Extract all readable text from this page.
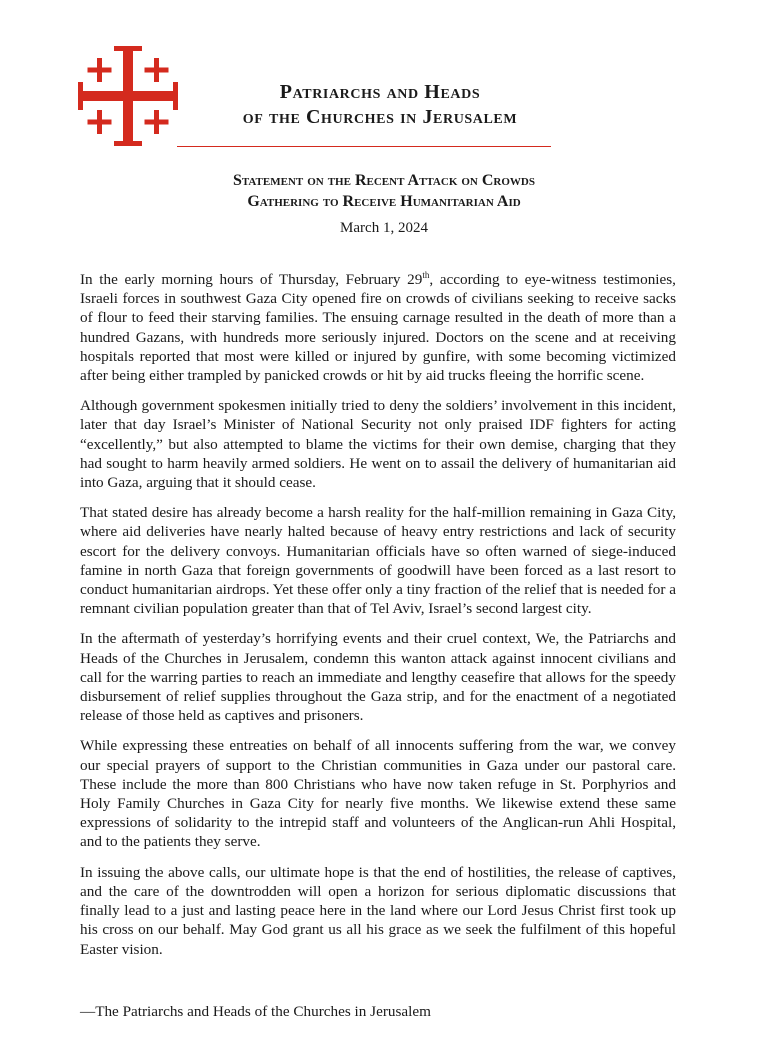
Patriarchs and Heads
of the Churches in Jerusalem
Statement on the Recent Attack on Crowds
Gathering to Receive Humanitarian Aid
March 1, 2024

In the early morning hours of Thursday, February 29th, according to eye-witness testimonies, Israeli forces in southwest Gaza City opened fire on crowds of civilians seeking to receive sacks of flour to feed their starving families. The ensuing carnage resulted in the death of more than a hundred Gazans, with hundreds more seriously injured. Doctors on the scene and at receiving hospitals reported that most were killed or injured by gunfire, with some becoming victimized after being either trampled by panicked crowds or hit by aid trucks fleeing the horrific scene.

Although government spokesmen initially tried to deny the soldiers’ involvement in this incident, later that day Israel’s Minister of National Security not only praised IDF fighters for acting “excellently,” but also attempted to blame the victims for their own demise, charging that they had sought to harm heavily armed soldiers. He went on to assail the delivery of humanitarian aid into Gaza, arguing that it should cease.

That stated desire has already become a harsh reality for the half-million remaining in Gaza City, where aid deliveries have nearly halted because of heavy entry restrictions and lack of security escort for the delivery convoys. Humanitarian officials have so often warned of siege-induced famine in north Gaza that foreign governments of goodwill have been forced as a last resort to conduct humanitarian airdrops. Yet these offer only a tiny fraction of the relief that is needed for a remnant civilian population greater than that of Tel Aviv, Israel’s second largest city.

In the aftermath of yesterday’s horrifying events and their cruel context, We, the Patriarchs and Heads of the Churches in Jerusalem, condemn this wanton attack against innocent civilians and call for the warring parties to reach an immediate and lengthy ceasefire that allows for the speedy disbursement of relief supplies throughout the Gaza strip, and for the enactment of a negotiated release of those held as captives and prisoners.

While expressing these entreaties on behalf of all innocents suffering from the war, we convey our special prayers of support to the Christian communities in Gaza under our pastoral care. These include the more than 800 Christians who have now taken refuge in St. Porphyrios and Holy Family Churches in Gaza City for nearly five months. We likewise extend these same expressions of solidarity to the intrepid staff and volunteers of the Anglican-run Ahli Hospital, and to the patients they serve.

In issuing the above calls, our ultimate hope is that the end of hostilities, the release of captives, and the care of the downtrodden will open a horizon for serious diplomatic discussions that finally lead to a just and lasting peace here in the land where our Lord Jesus Christ first took up his cross on our behalf. May God grant us all his grace as we seek the fulfilment of this hopeful Easter vision.

—The Patriarchs and Heads of the Churches in Jerusalem
